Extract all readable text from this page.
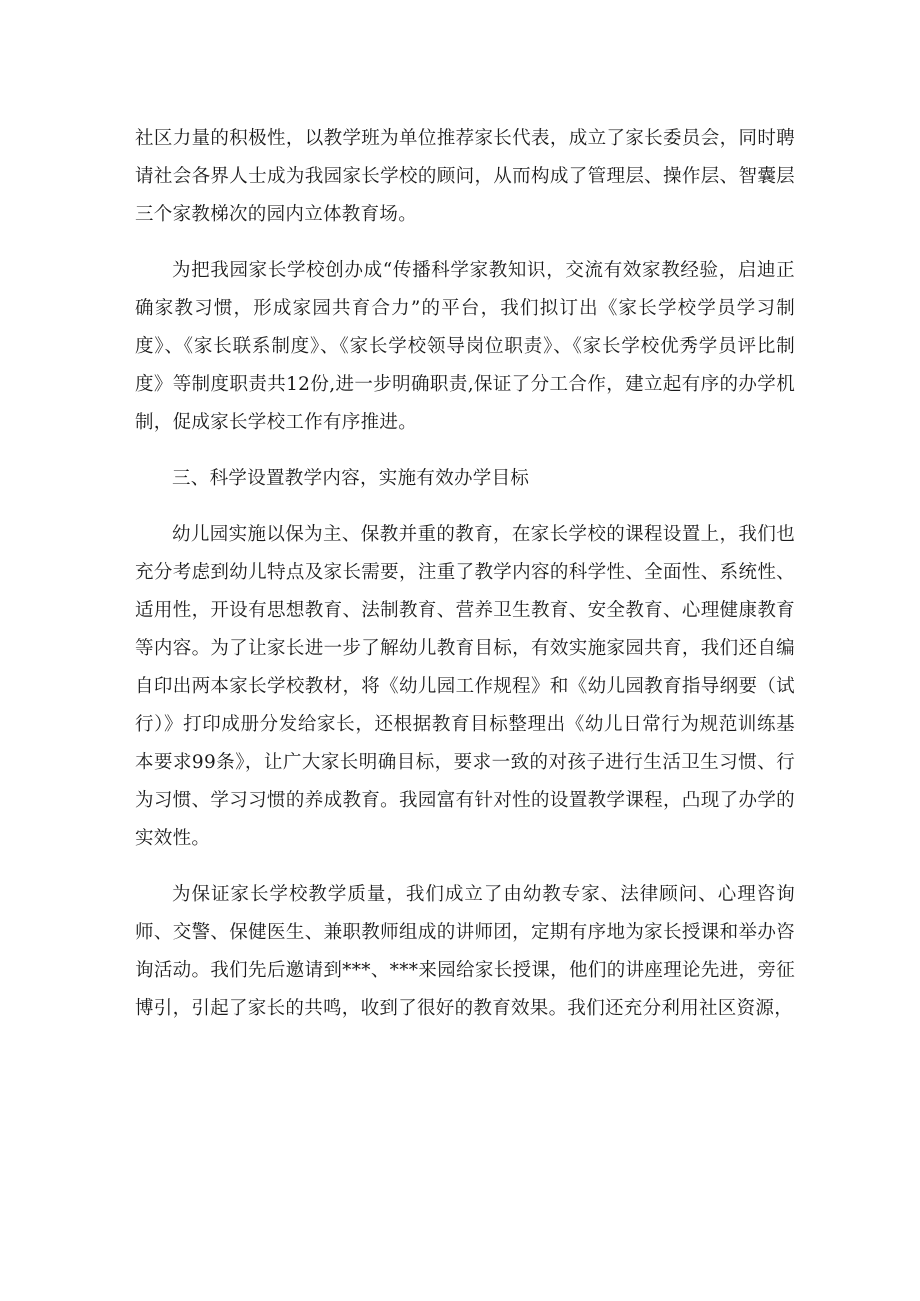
社区力量的积极性，以教学班为单位推荐家长代表，成立了家长委员会，同时聘请社会各界人士成为我园家长学校的顾问，从而构成了管理层、操作层、智囊层三个家教梯次的园内立体教育场。

为把我园家长学校创办成“传播科学家教知识，交流有效家教经验，启迪正确家教习惯，形成家园共育合力”的平台，我们拟订出《家长学校学员学习制度》、《家长联系制度》、《家长学校领导岗位职责》、《家长学校优秀学员评比制度》等制度职责共12份,进一步明确职责,保证了分工合作，建立起有序的办学机制，促成家长学校工作有序推进。

三、科学设置教学内容，实施有效办学目标

幼儿园实施以保为主、保教并重的教育，在家长学校的课程设置上，我们也充分考虑到幼儿特点及家长需要，注重了教学内容的科学性、全面性、系统性、适用性，开设有思想教育、法制教育、营养卫生教育、安全教育、心理健康教育等内容。为了让家长进一步了解幼儿教育目标，有效实施家园共育，我们还自编自印出两本家长学校教材，将《幼儿园工作规程》和《幼儿园教育指导纲要（试行）》打印成册分发给家长，还根据教育目标整理出《幼儿日常行为规范训练基本要求99条》，让广大家长明确目标，要求一致的对孩子进行生活卫生习惯、行为习惯、学习习惯的养成教育。我园富有针对性的设置教学课程，凸现了办学的实效性。

为保证家长学校教学质量，我们成立了由幼教专家、法律顾问、心理咨询师、交警、保健医生、兼职教师组成的讲师团，定期有序地为家长授课和举办咨询活动。我们先后邀请到***、***来园给家长授课，他们的讲座理论先进，旁征博引，引起了家长的共鸣，收到了很好的教育效果。我们还充分利用社区资源，
